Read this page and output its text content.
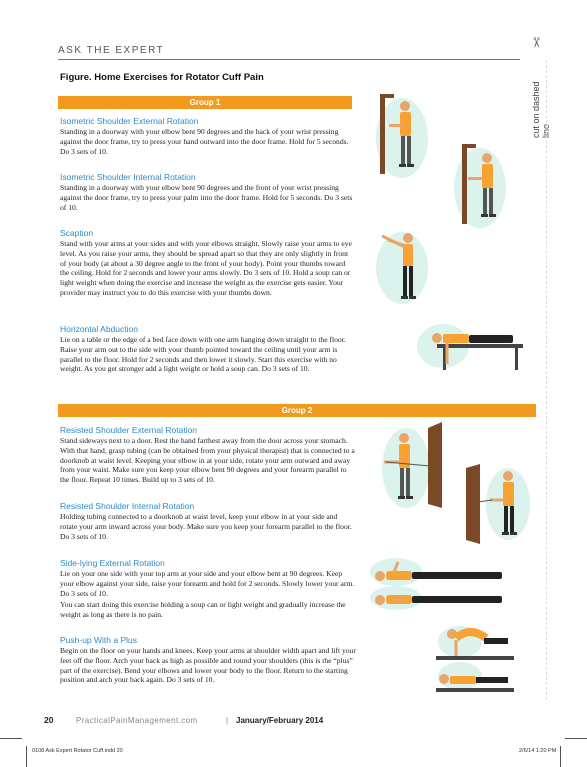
ASK THE EXPERT
✂
cut on dashed line
Figure. Home Exercises for Rotator Cuff Pain
Group 1
Isometric Shoulder External Rotation
Standing in a doorway with your elbow bent 90 degrees and the back of your wrist pressing against the door frame, try to press your hand outward into the door frame. Hold for 5 seconds. Do 3 sets of 10.
Isometric Shoulder Internal Rotation
Standing in a doorway with your elbow bent 90 degrees and the front of your wrist pressing against the door frame, try to press your palm into the door frame. Hold for 5 seconds. Do 3 sets of 10.
Scaption
Stand with your arms at your sides and with your elbows straight. Slowly raise your arms to eye level. As you raise your arms, they should be spread apart so that they are only slightly in front of your body (at about a 30 degree angle to the front of your body). Point your thumbs toward the ceiling. Hold for 2 seconds and lower your arms slowly. Do 3 sets of 10. Hold a soup can or light weight when doing the exercise and increase the weight as the exercise gets easier. Your provider may instruct you to do this exercise with your thumbs down.
Horizontal Abduction
Lie on a table or the edge of a bed face down with one arm hanging down straight to the floor. Raise your arm out to the side with your thumb pointed toward the ceiling until your arm is parallel to the floor. Hold for 2 seconds and then lower it slowly. Start this exercise with no weight. As you get stronger add a light weight or hold a soup can. Do 3 sets of 10.
Group 2
Resisted Shoulder External Rotation
Stand sideways next to a door. Rest the hand farthest away from the door across your stomach. With that hand, grasp tubing (can be obtained from your physical therapist) that is connected to a doorknob at waist level. Keeping your elbow in at your side, rotate your arm outward and away from your waist. Make sure you keep your elbow bent 90 degrees and your forearm parallel to the floor. Repeat 10 times. Build up to 3 sets of 10.
Resisted Shoulder Internal Rotation
Holding tubing connected to a doorknob at waist level, keep your elbow in at your side and rotate your arm inward across your body. Make sure you keep your forearm parallel to the floor. Do 3 sets of 10.
Side-lying External Rotation
Lie on your one side with your top arm at your side and your elbow bent at 90 degrees. Keep your elbow against your side, raise your forearm and hold for 2 seconds. Slowly lower your arm. Do 3 sets of 10.
You can start doing this exercise holding a soup can or light weight and gradually increase the weight as long as there is no pain.
Push-up With a Plus
Begin on the floor on your hands and knees. Keep your arms at shoulder width apart and lift your feet off the floor. Arch your back as high as possible and round your shoulders (this is the “plus” part of the exercise). Bend your elbows and lower your body to the floor. Return to the starting position and arch your back again. Do 3 sets of 10.
20	PracticalPainManagement.com	| January/February 2014
0108 Ask Expert Rotator Cuff.indd 20	2/6/14 1:20 PM
